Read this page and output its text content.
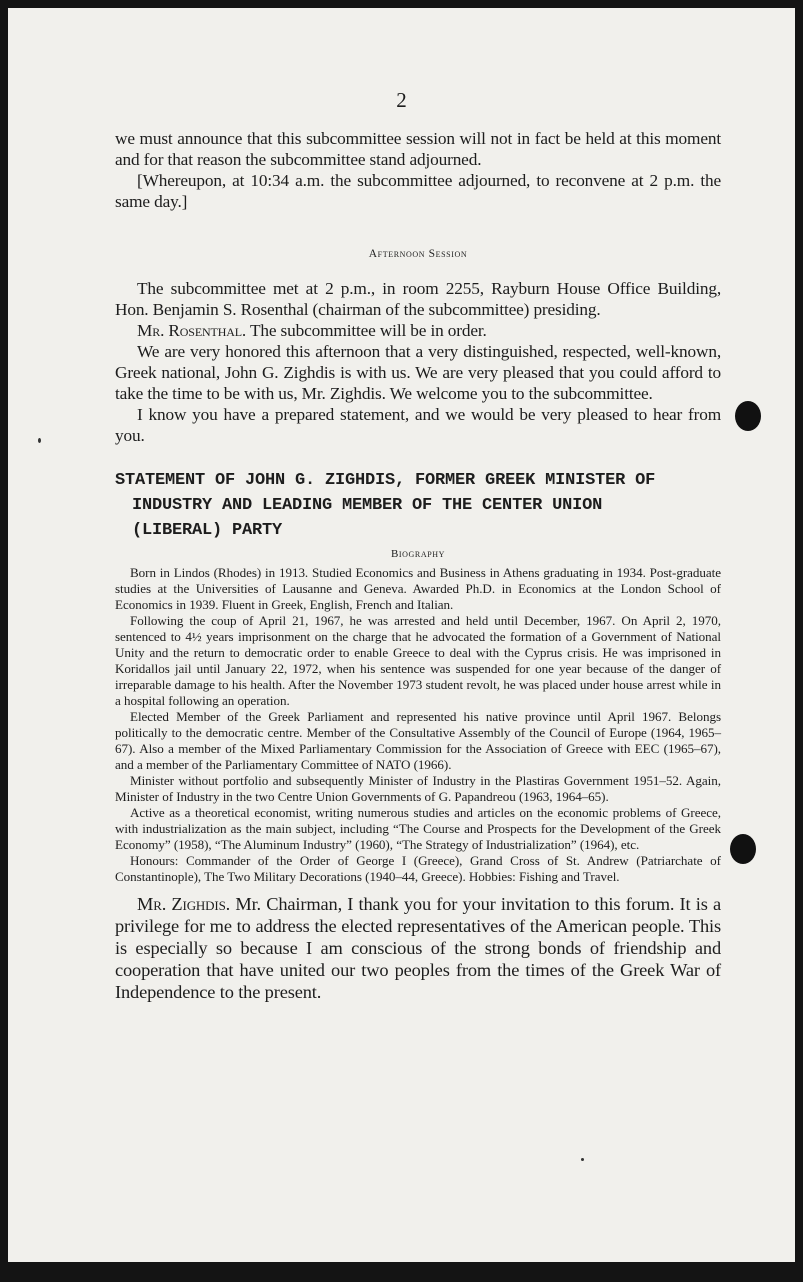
2

we must announce that this subcommittee session will not in fact be held at this moment and for that reason the subcommittee stand adjourned.

[Whereupon, at 10:34 a.m. the subcommittee adjourned, to reconvene at 2 p.m. the same day.]

Afternoon Session

The subcommittee met at 2 p.m., in room 2255, Rayburn House Office Building, Hon. Benjamin S. Rosenthal (chairman of the subcommittee) presiding.

Mr. Rosenthal. The subcommittee will be in order.

We are very honored this afternoon that a very distinguished, respected, well-known, Greek national, John G. Zighdis is with us. We are very pleased that you could afford to take the time to be with us, Mr. Zighdis. We welcome you to the subcommittee.

I know you have a prepared statement, and we would be very pleased to hear from you.

STATEMENT OF JOHN G. ZIGHDIS, FORMER GREEK MINISTER OF
INDUSTRY AND LEADING MEMBER OF THE CENTER UNION
(LIBERAL) PARTY
Biography

Born in Lindos (Rhodes) in 1913. Studied Economics and Business in Athens graduating in 1934. Post-graduate studies at the Universities of Lausanne and Geneva. Awarded Ph.D. in Economics at the London School of Economics in 1939. Fluent in Greek, English, French and Italian.

Following the coup of April 21, 1967, he was arrested and held until December, 1967. On April 2, 1970, sentenced to 4½ years imprisonment on the charge that he advocated the formation of a Government of National Unity and the return to democratic order to enable Greece to deal with the Cyprus crisis. He was imprisoned in Koridallos jail until January 22, 1972, when his sentence was suspended for one year because of the danger of irreparable damage to his health. After the November 1973 student revolt, he was placed under house arrest while in a hospital following an operation.

Elected Member of the Greek Parliament and represented his native province until April 1967. Belongs politically to the democratic centre. Member of the Consultative Assembly of the Council of Europe (1964, 1965–67). Also a member of the Mixed Parliamentary Commission for the Association of Greece with EEC (1965–67), and a member of the Parliamentary Committee of NATO (1966).

Minister without portfolio and subsequently Minister of Industry in the Plastiras Government 1951–52. Again, Minister of Industry in the two Centre Union Governments of G. Papandreou (1963, 1964–65).

Active as a theoretical economist, writing numerous studies and articles on the economic problems of Greece, with industrialization as the main subject, including “The Course and Prospects for the Development of the Greek Economy” (1958), “The Aluminum Industry” (1960), “The Strategy of Industrialization” (1964), etc.

Honours: Commander of the Order of George I (Greece), Grand Cross of St. Andrew (Patriarchate of Constantinople), The Two Military Decorations (1940–44, Greece). Hobbies: Fishing and Travel.

Mr. Zighdis. Mr. Chairman, I thank you for your invitation to this forum. It is a privilege for me to address the elected representatives of the American people. This is especially so because I am conscious of the strong bonds of friendship and cooperation that have united our two peoples from the times of the Greek War of Independence to the present.
